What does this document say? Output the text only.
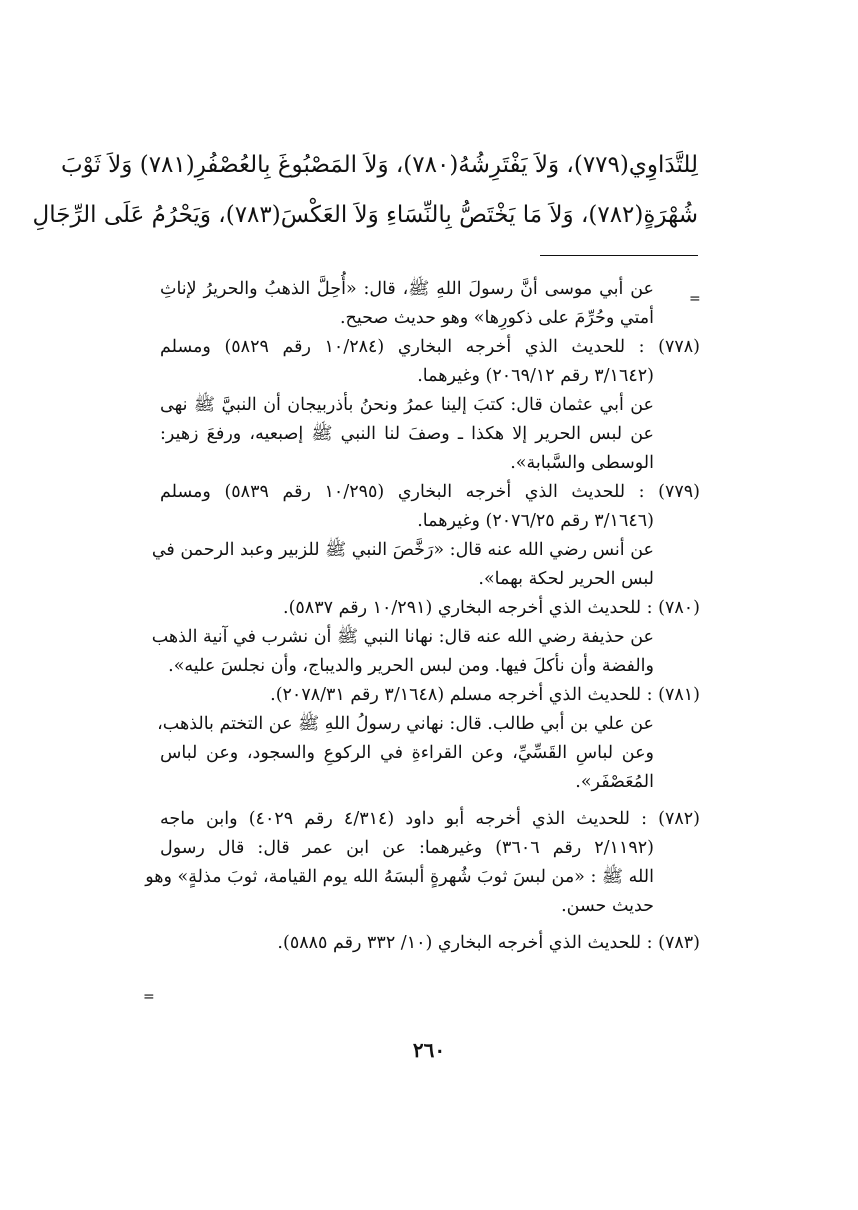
لِلتَّدَاوِي(٧٧٩)، وَلاَ يَفْتَرِشُهُ(٧٨٠)، وَلاَ المَصْبُوغَ بِالعُصْفُرِ(٧٨١) وَلاَ ثَوْبَ
شُهْرَةٍ(٧٨٢)، وَلاَ مَا يَخْتَصُّ بِالنِّسَاءِ وَلاَ العَكْسَ(٧٨٣)، وَيَحْرُمُ عَلَى الرِّجَالِ
=
=
عن أبي موسى أنَّ رسولَ اللهِ ﷺ، قال: «أُحِلَّ الذهبُ والحريرُ لإناثِ
أمتي وحُرِّمَ على ذكورِها» وهو حديث صحيح.
(٧٧٨) : للحديث الذي أخرجه البخاري (١٠/٢٨٤ رقم ٥٨٢٩) ومسلم
(٣/١٦٤٢ رقم ٢٠٦٩/١٢) وغيرهما.
عن أبي عثمان قال: كتبَ إلينا عمرُ ونحنُ بأذربيجان أن النبيَّ ﷺ نهى
عن لبس الحرير إلا هكذا ـ وصفَ لنا النبي ﷺ إصبعيه، ورفعَ زهير:
الوسطى والسَّبابة».
(٧٧٩) : للحديث الذي أخرجه البخاري (١٠/٢٩٥ رقم ٥٨٣٩) ومسلم
(٣/١٦٤٦ رقم ٢٠٧٦/٢٥) وغيرهما.
عن أنس رضي الله عنه قال: «رَخَّصَ النبي ﷺ للزبير وعبد الرحمن في
لبس الحرير لحكة بهما».
(٧٨٠) : للحديث الذي أخرجه البخاري (١٠/٢٩١ رقم ٥٨٣٧).
عن حذيفة رضي الله عنه قال: نهانا النبي ﷺ أن نشرب في آنية الذهب
والفضة وأن نأكلَ فيها. ومن لبس الحرير والديباج، وأن نجلسَ عليه».
(٧٨١) : للحديث الذي أخرجه مسلم (٣/١٦٤٨ رقم ٢٠٧٨/٣١).
عن علي بن أبي طالب. قال: نهاني رسولُ اللهِ ﷺ عن التختم بالذهب،
وعن لباسِ القَسِّيِّ، وعن القراءةِ في الركوعِ والسجود، وعن لباس
المُعَصْفَر».
(٧٨٢) : للحديث الذي أخرجه أبو داود (٤/٣١٤ رقم ٤٠٢٩) وابن ماجه
(٢/١١٩٢ رقم ٣٦٠٦) وغيرهما: عن ابن عمر قال: قال رسول
الله ﷺ : «من لبسَ ثوبَ شُهرةٍ ألبسَهُ الله يوم القيامة، ثوبَ مذلةٍ» وهو
حديث حسن.
(٧٨٣) : للحديث الذي أخرجه البخاري (١٠/ ٣٣٢ رقم ٥٨٨٥).
٢٦٠
